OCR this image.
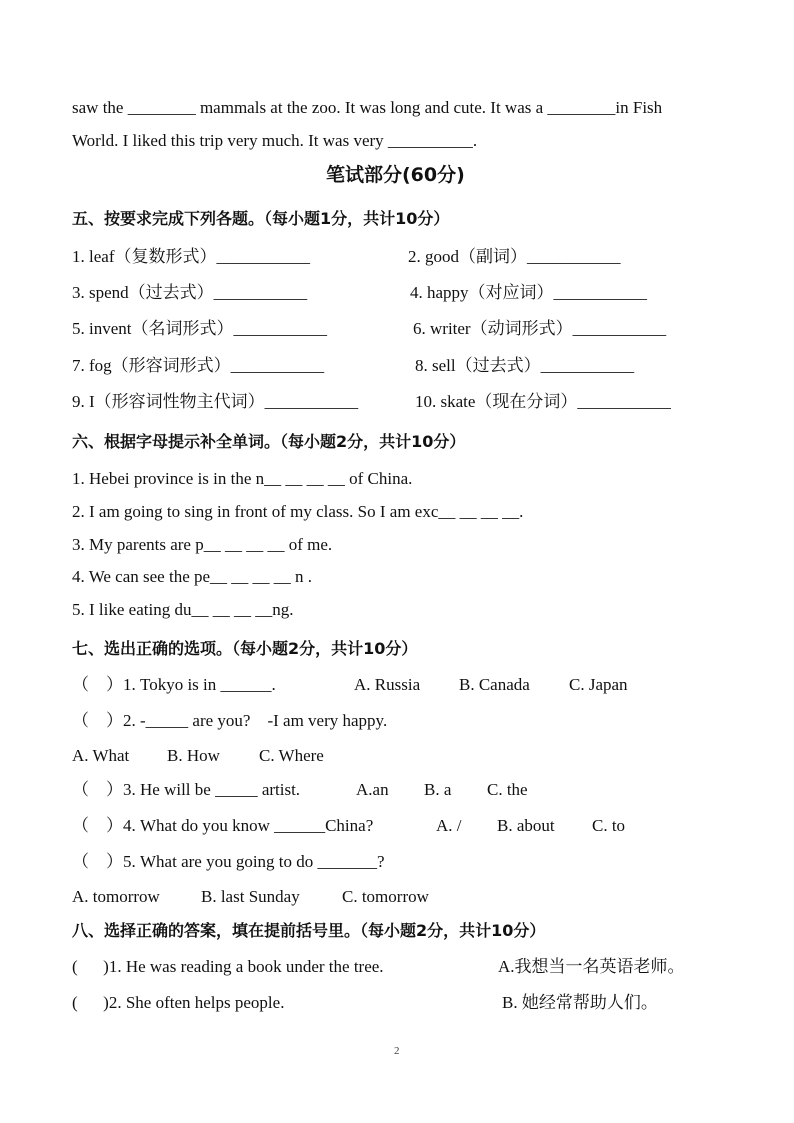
saw the ________ mammals at the zoo. It was long and cute. It was a ________in Fish
World. I liked this trip very much. It was very __________.
笔试部分(60分)
五、按要求完成下列各题。（每小题1分，共计10分）
1. leaf（复数形式）___________	2. good（副词）___________
3. spend（过去式）___________	4. happy（对应词）___________
5. invent（名词形式）___________	6. writer（动词形式）___________
7. fog（形容词形式）___________	8. sell（过去式）___________
9. I（形容词性物主代词）___________	10. skate（现在分词）___________
六、根据字母提示补全单词。（每小题2分，共计10分）
1. Hebei province is in the n__ __ __ __ of China.
2. I am going to sing in front of my class. So I am exc__ __ __ __.
3. My parents are p__ __ __ __ of me.
4. We can see the pe__ __ __ __ n .
5. I like eating du__ __ __ __ng.
七、选出正确的选项。（每小题2分，共计10分）
（　）1. Tokyo is in ______.	A. Russia B. Canada C. Japan
（　）2. -_____ are you?　-I am very happy.
A. What B. How C. Where
（　）3. He will be _____ artist.	A.an B. a C. the
（　）4. What do you know ______China?	A. / B. about C. to
（　）5. What are you going to do _______?
A. tomorrow B. last Sunday C. tomorrow
八、选择正确的答案，填在提前括号里。（每小题2分，共计10分）
(　  )1. He was reading a book under the tree.	A.我想当一名英语老师。
(　  )2. She often helps people.	B. 她经常帮助人们。
2
